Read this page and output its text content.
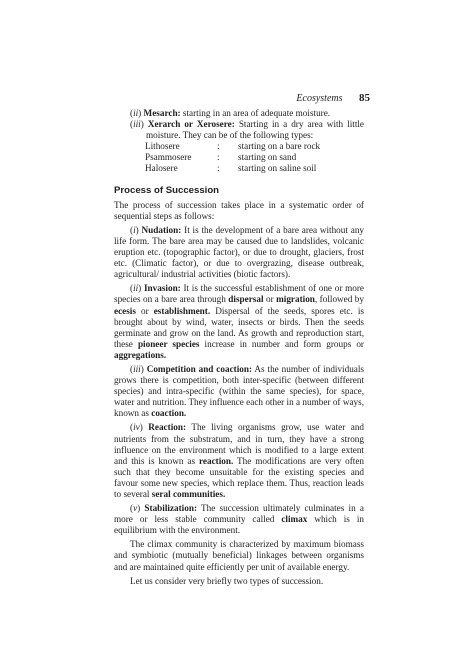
Ecosystems 85

(ii) Mesarch: starting in an area of adequate moisture.

(iii) Xerarch or Xerosere: Starting in a dry area with little moisture. They can be of the following types:

Lithosere	:	starting on a bare rock
Psammosere	:	starting on sand
Halosere	:	starting on saline soil
Process of Succession

The process of succession takes place in a systematic order of sequential steps as follows:

(i) Nudation: It is the development of a bare area without any life form. The bare area may be caused due to landslides, volcanic eruption etc. (topographic factor), or due to drought, glaciers, frost etc. (Climatic factor), or due to overgrazing, disease outbreak, agricultural/ industrial activities (biotic factors).

(ii) Invasion: It is the successful establishment of one or more species on a bare area through dispersal or migration, followed by ecesis or establishment. Dispersal of the seeds, spores etc. is brought about by wind, water, insects or birds. Then the seeds germinate and grow on the land. As growth and reproduction start, these pioneer species increase in number and form groups or aggregations.

(iii) Competition and coaction: As the number of individuals grows there is competition, both inter-specific (between different species) and intra-specific (within the same species), for space, water and nutrition. They influence each other in a number of ways, known as coaction.

(iv) Reaction: The living organisms grow, use water and nutrients from the substratum, and in turn, they have a strong influence on the environment which is modified to a large extent and this is known as reaction. The modifications are very often such that they become unsuitable for the existing species and favour some new species, which replace them. Thus, reaction leads to several seral communities.

(v) Stabilization: The succession ultimately culminates in a more or less stable community called climax which is in equilibrium with the environment.

The climax community is characterized by maximum biomass and symbiotic (mutually beneficial) linkages between organisms and are maintained quite efficiently per unit of available energy.

Let us consider very briefly two types of succession.
